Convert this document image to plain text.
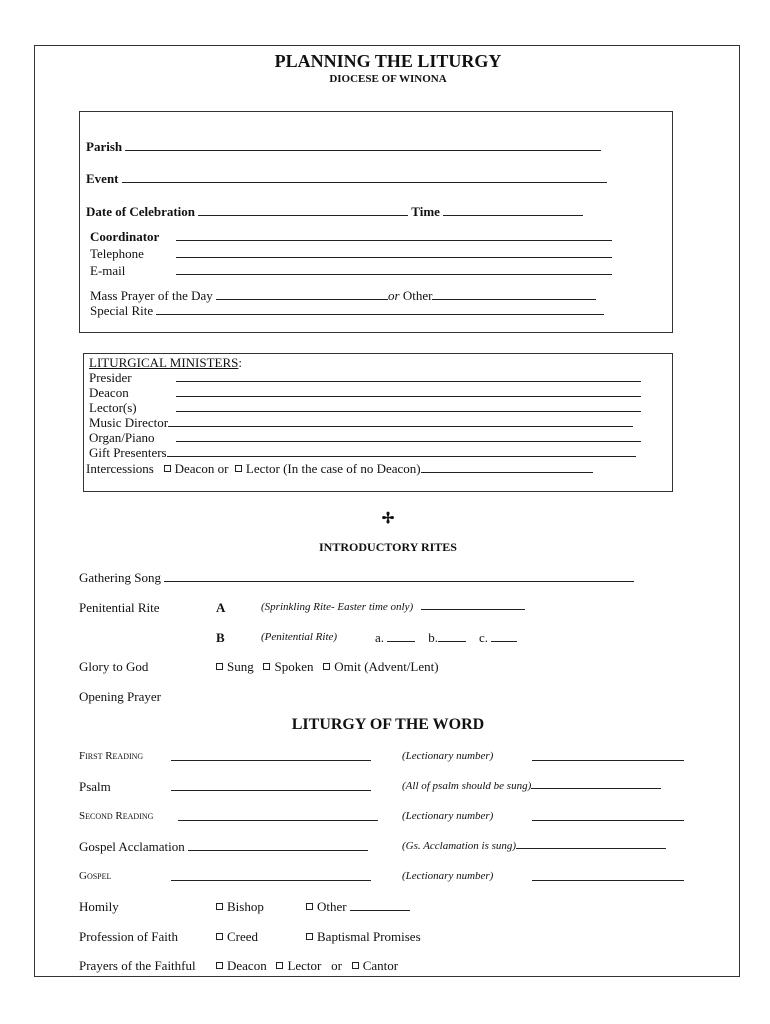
PLANNING THE LITURGY
DIOCESE OF WINONA
Parish
Event
Date of Celebration	Time
Coordinator
Telephone
E-mail
Mass Prayer of the Day	or Other
Special Rite
LITURGICAL MINISTERS:
Presider
Deacon
Lector(s)
Music Director
Organ/Piano
Gift Presenters
Intercessions Deacon or Lector (In the case of no Deacon)
✢
INTRODUCTORY RITES
Gathering Song
Penitential Rite	A	(Sprinkling Rite- Easter time only)
B	(Penitential Rite)	a.	b.	c.
Glory to God	Sung Spoken Omit (Advent/Lent)
Opening Prayer
LITURGY OF THE WORD
First Reading	(Lectionary number)
Psalm	(All of psalm should be sung)
Second Reading	(Lectionary number)
Gospel Acclamation	(Gs. Acclamation is sung)
Gospel	(Lectionary number)
Homily	Bishop	Other
Profession of Faith	Creed	Baptismal Promises
Prayers of the Faithful	Deacon Lector or Cantor
